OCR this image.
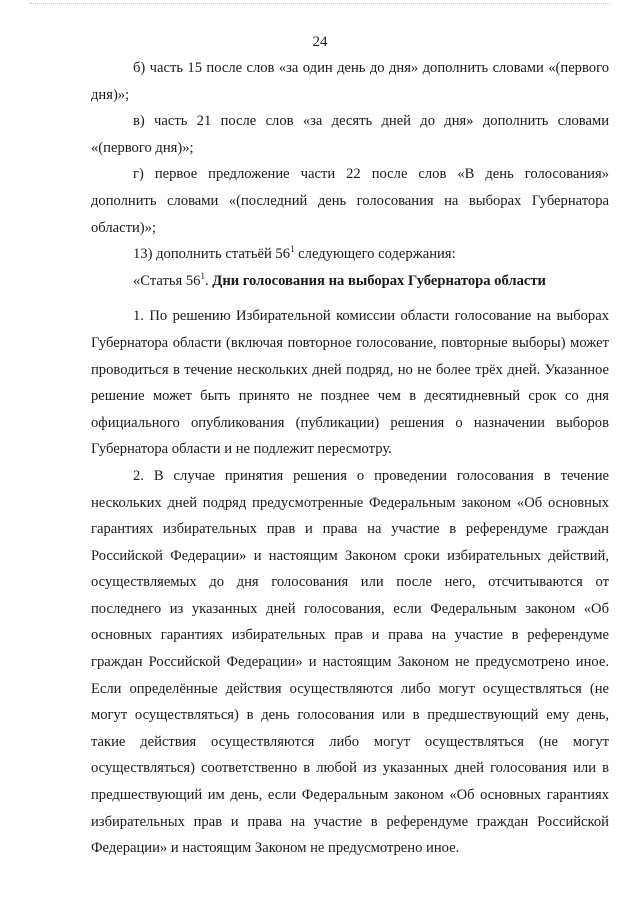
24

б) часть 15 после слов «за один день до дня» дополнить словами «(первого дня)»;

в) часть 21 после слов «за десять дней до дня» дополнить словами «(первого дня)»;

г) первое предложение части 22 после слов «В день голосования» дополнить словами «(последний день голосования на выборах Губернатора области)»;

13) дополнить статьёй $56^1$ следующего содержания:

«Статья $56^1$. Дни голосования на выборах Губернатора области

1. По решению Избирательной комиссии области голосование на выборах Губернатора области (включая повторное голосование, повторные выборы) может проводиться в течение нескольких дней подряд, но не более трёх дней. Указанное решение может быть принято не позднее чем в десятидневный срок со дня официального опубликования (публикации) решения о назначении выборов Губернатора области и не подлежит пересмотру.

2. В случае принятия решения о проведении голосования в течение нескольких дней подряд предусмотренные Федеральным законом «Об основных гарантиях избирательных прав и права на участие в референдуме граждан Российской Федерации» и настоящим Законом сроки избирательных действий, осуществляемых до дня голосования или после него, отсчитываются от последнего из указанных дней голосования, если Федеральным законом «Об основных гарантиях избирательных прав и права на участие в референдуме граждан Российской Федерации» и настоящим Законом не предусмотрено иное. Если определённые действия осуществляются либо могут осуществляться (не могут осуществляться) в день голосования или в предшествующий ему день, такие действия осуществляются либо могут осуществляться (не могут осуществляться) соответственно в любой из указанных дней голосования или в предшествующий им день, если Федеральным законом «Об основных гарантиях избирательных прав и права на участие в референдуме граждан Российской Федерации» и настоящим Законом не предусмотрено иное.
